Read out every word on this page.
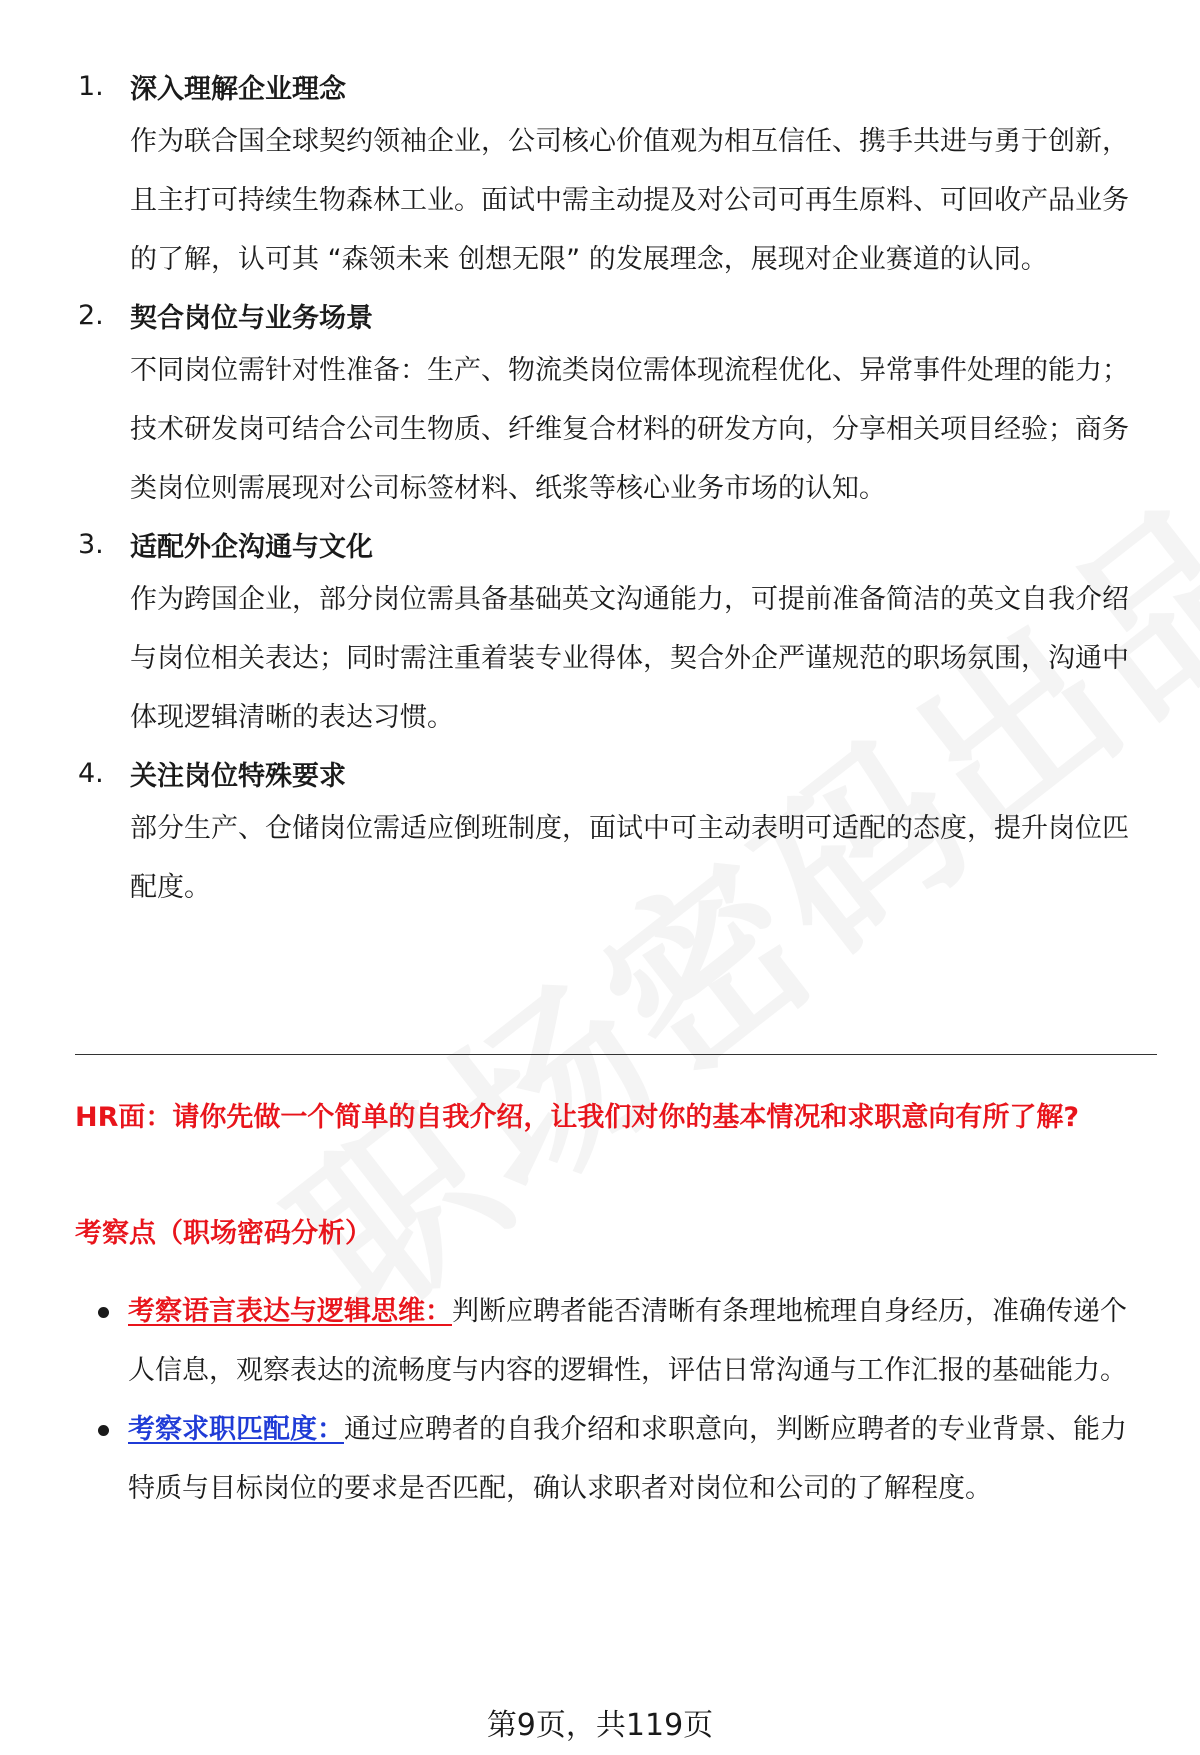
1. 深入理解企业理念
作为联合国全球契约领袖企业，公司核心价值观为相互信任、携手共进与勇于创新，且主打可持续生物森林工业。面试中需主动提及对公司可再生原料、可回收产品业务的了解，认可其 “森领未来 创想无限” 的发展理念，展现对企业赛道的认同。
2. 契合岗位与业务场景
不同岗位需针对性准备：生产、物流类岗位需体现流程优化、异常事件处理的能力；技术研发岗可结合公司生物质、纤维复合材料的研发方向，分享相关项目经验；商务类岗位则需展现对公司标签材料、纸浆等核心业务市场的认知。
3. 适配外企沟通与文化
作为跨国企业，部分岗位需具备基础英文沟通能力，可提前准备简洁的英文自我介绍与岗位相关表达；同时需注重着装专业得体，契合外企严谨规范的职场氛围，沟通中体现逻辑清晰的表达习惯。
4. 关注岗位特殊要求
部分生产、仓储岗位需适应倒班制度，面试中可主动表明可适配的态度，提升岗位匹配度。
HR面：请你先做一个简单的自我介绍，让我们对你的基本情况和求职意向有所了解?
考察点（职场密码分析）
考察语言表达与逻辑思维：判断应聘者能否清晰有条理地梳理自身经历，准确传递个人信息，观察表达的流畅度与内容的逻辑性，评估日常沟通与工作汇报的基础能力。
考察求职匹配度：通过应聘者的自我介绍和求职意向，判断应聘者的专业背景、能力特质与目标岗位的要求是否匹配，确认求职者对岗位和公司的了解程度。
第9页，共119页
